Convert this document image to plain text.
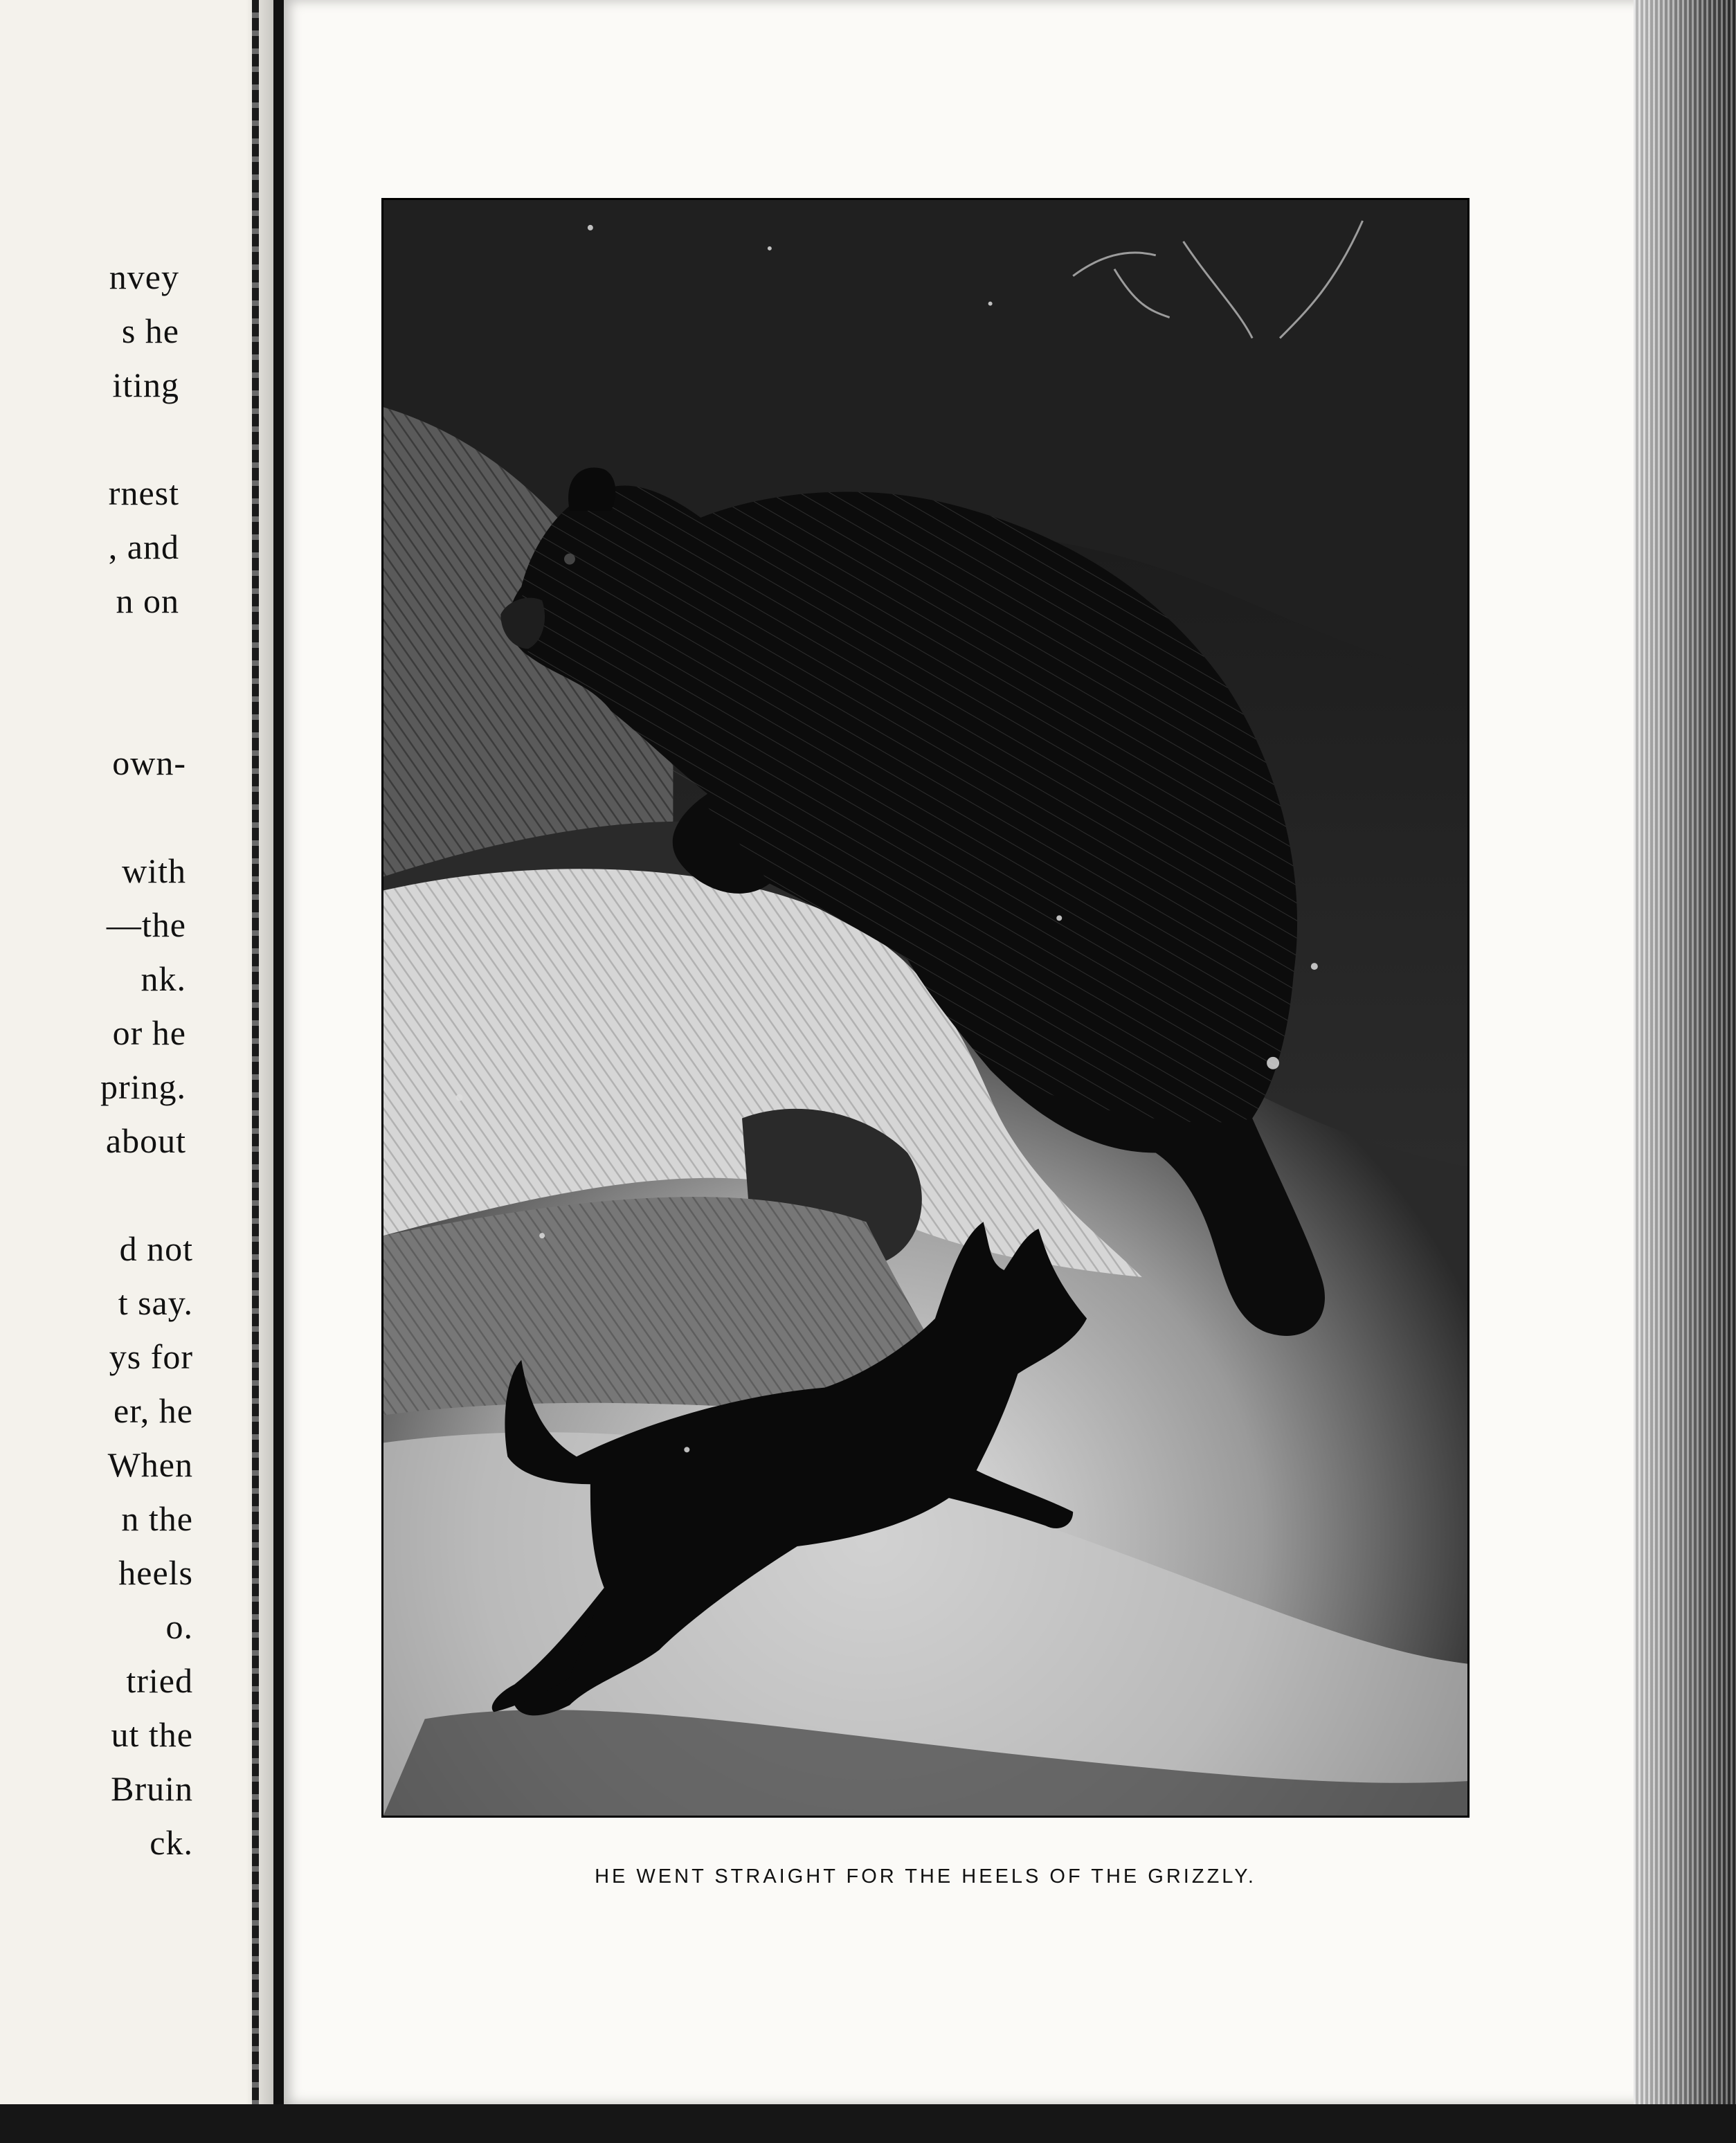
nvey
s he
iting
rnest
, and
n on
own-
with
—the
nk.
or he
pring.
about
d not
t say.
ys for
er, he
When
n the
heels
o.
tried
ut the
Bruin
ck.
HE WENT STRAIGHT FOR THE HEELS OF THE GRIZZLY.
